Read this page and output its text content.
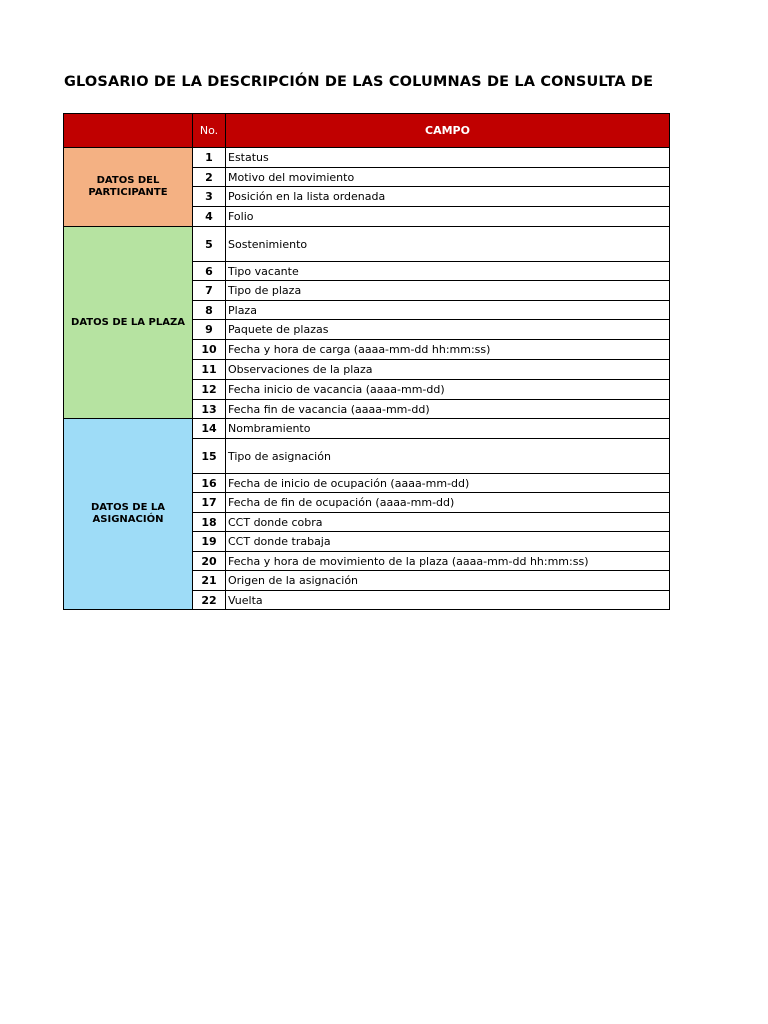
GLOSARIO DE LA DESCRIPCIÓN DE LAS COLUMNAS DE LA CONSULTA DE
	No.	CAMPO
DATOS DEL
PARTICIPANTE	1	Estatus
	2	Motivo del movimiento
	3	Posición en la lista ordenada
	4	Folio
DATOS DE LA PLAZA	5	Sostenimiento
	6	Tipo vacante
	7	Tipo de plaza
	8	Plaza
	9	Paquete de plazas
	10	Fecha y hora de carga (aaaa-mm-dd hh:mm:ss)
	11	Observaciones de la plaza
	12	Fecha inicio de vacancia (aaaa-mm-dd)
	13	Fecha fin de vacancia (aaaa-mm-dd)
DATOS DE LA
ASIGNACIÓN	14	Nombramiento
	15	Tipo de asignación
	16	Fecha de inicio de ocupación (aaaa-mm-dd)
	17	Fecha de fin de ocupación (aaaa-mm-dd)
	18	CCT donde cobra
	19	CCT donde trabaja
	20	Fecha y hora de movimiento de la plaza (aaaa-mm-dd hh:mm:ss)
	21	Origen de la asignación
	22	Vuelta
